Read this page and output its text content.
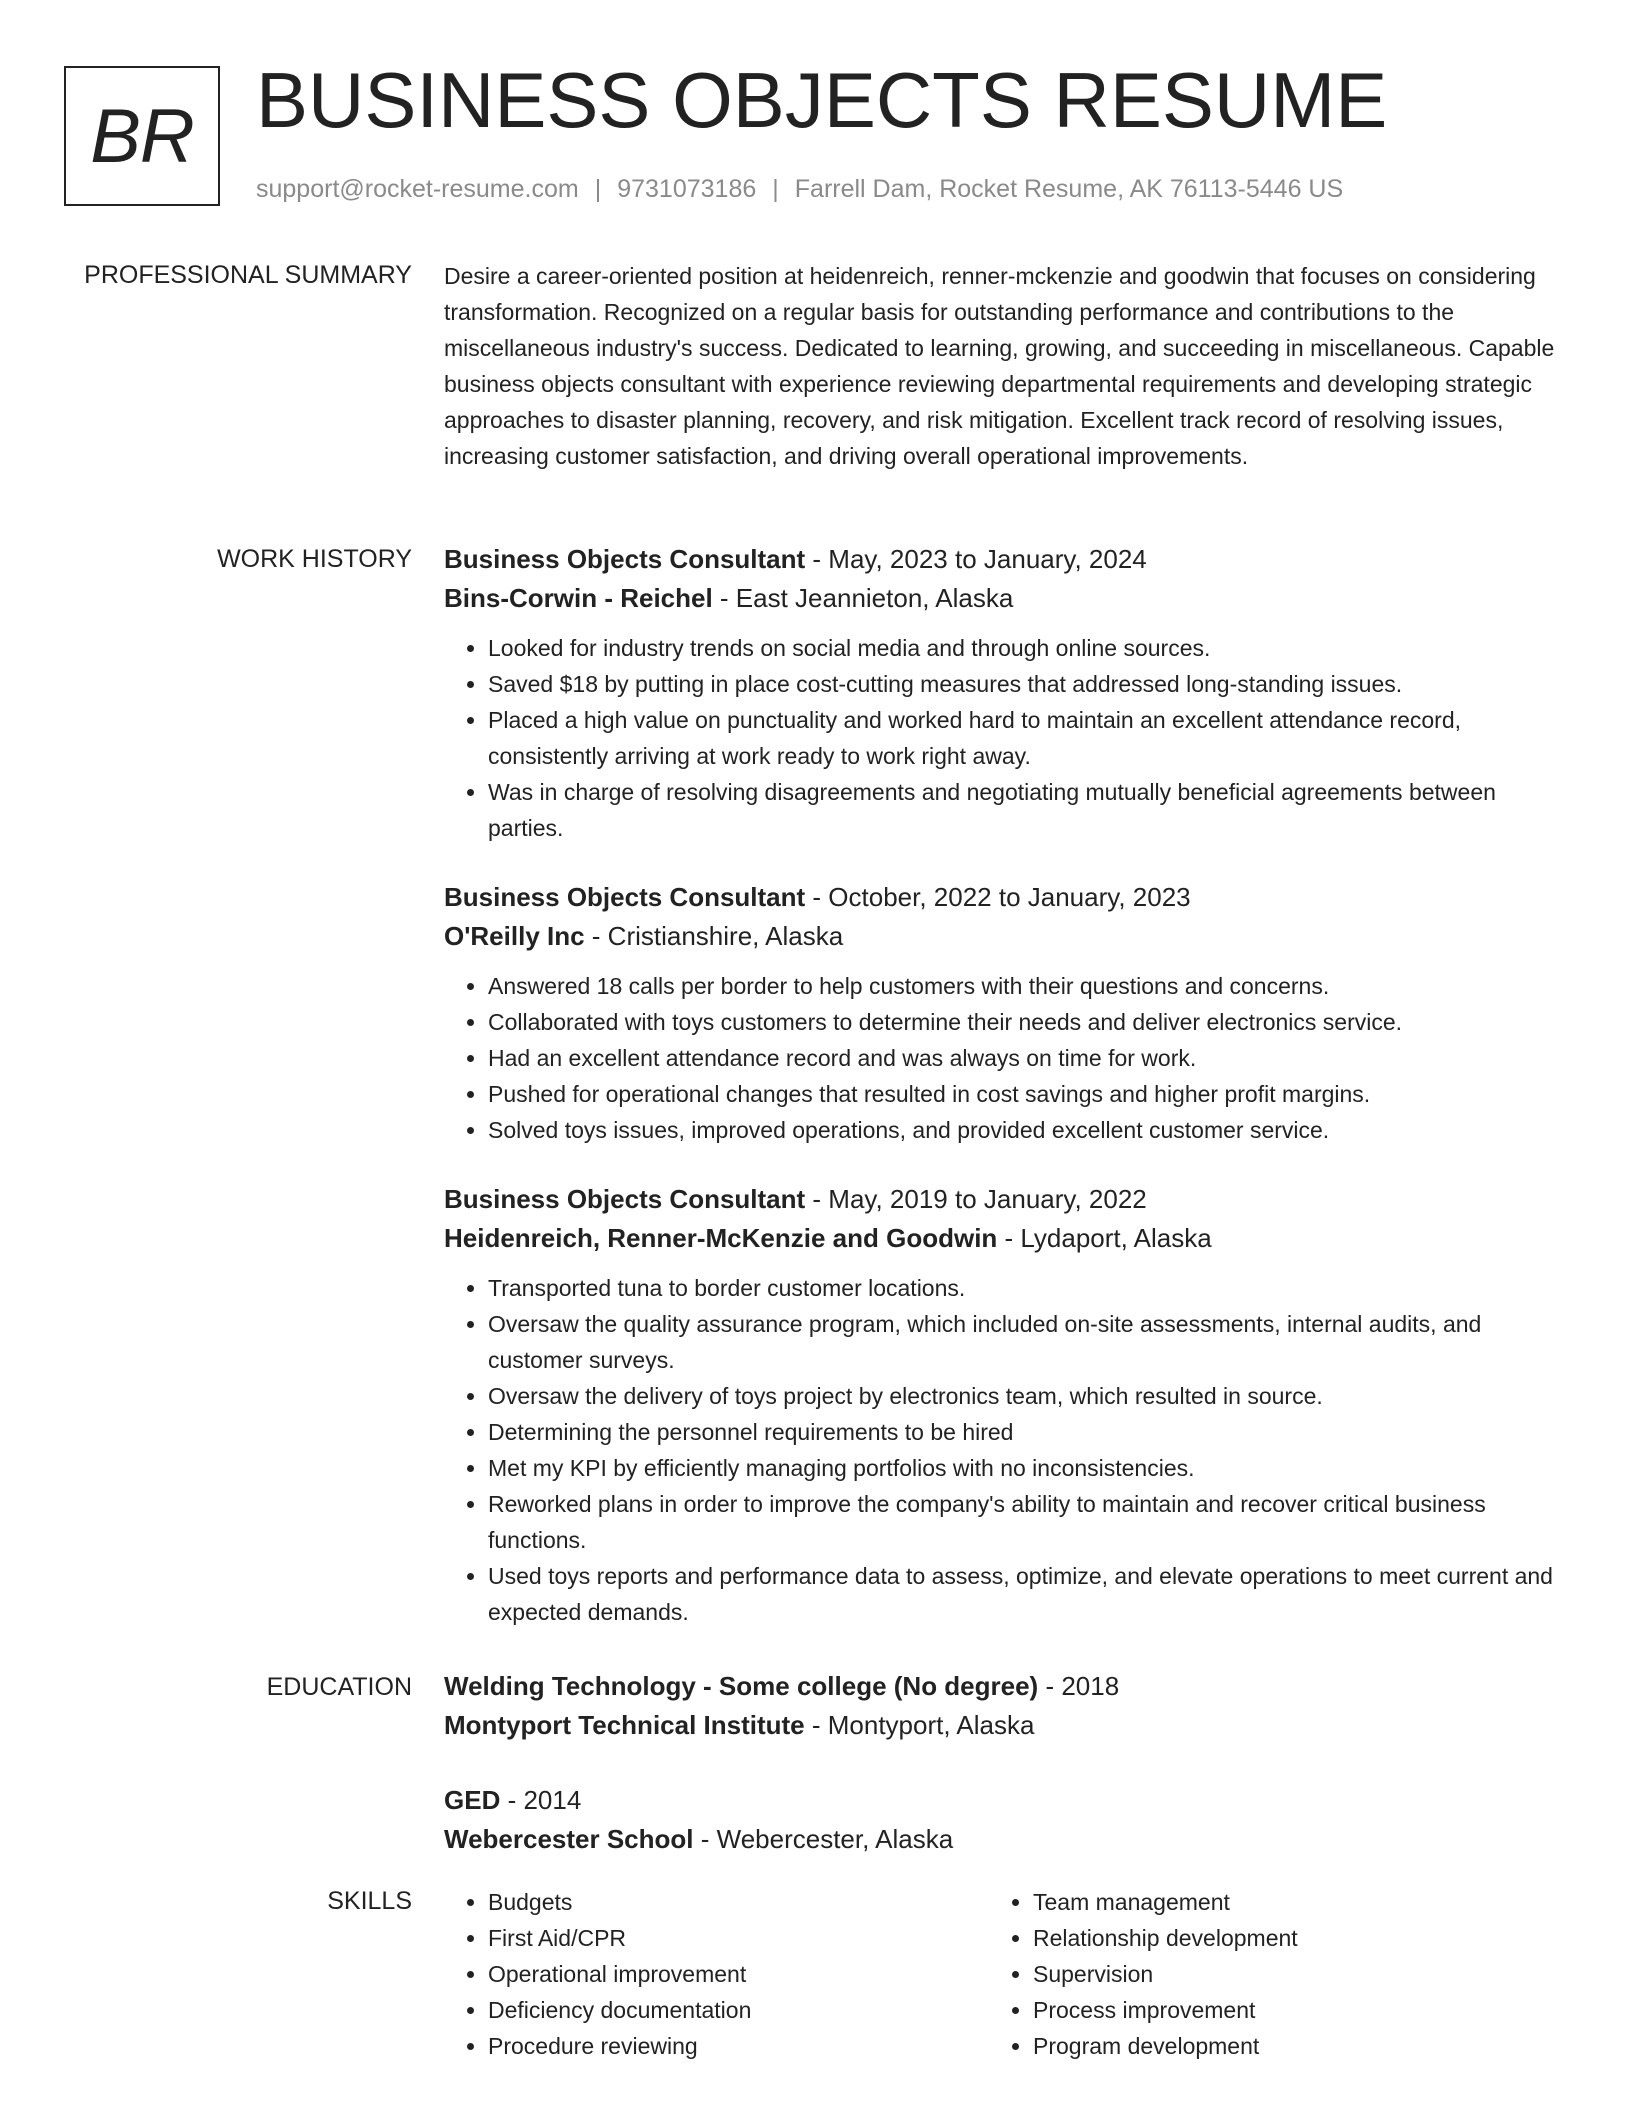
BR BUSINESS OBJECTS RESUME
support@rocket-resume.com | 9731073186 | Farrell Dam, Rocket Resume, AK 76113-5446 US
PROFESSIONAL SUMMARY Desire a career-oriented position at heidenreich, renner-mckenzie and goodwin that focuses on considering transformation. Recognized on a regular basis for outstanding performance and contributions to the miscellaneous industry's success. Dedicated to learning, growing, and succeeding in miscellaneous. Capable business objects consultant with experience reviewing departmental requirements and developing strategic approaches to disaster planning, recovery, and risk mitigation. Excellent track record of resolving issues, increasing customer satisfaction, and driving overall operational improvements.

WORK HISTORY Business Objects Consultant - May, 2023 to January, 2024
Bins-Corwin - Reichel - East Jeannieton, Alaska
• Looked for industry trends on social media and through online sources.
• Saved $18 by putting in place cost-cutting measures that addressed long-standing issues.
• Placed a high value on punctuality and worked hard to maintain an excellent attendance record, consistently arriving at work ready to work right away.
• Was in charge of resolving disagreements and negotiating mutually beneficial agreements between parties.
Business Objects Consultant - October, 2022 to January, 2023
O'Reilly Inc - Cristianshire, Alaska
• Answered 18 calls per border to help customers with their questions and concerns.
• Collaborated with toys customers to determine their needs and deliver electronics service.
• Had an excellent attendance record and was always on time for work.
• Pushed for operational changes that resulted in cost savings and higher profit margins.
• Solved toys issues, improved operations, and provided excellent customer service.
Business Objects Consultant - May, 2019 to January, 2022
Heidenreich, Renner-McKenzie and Goodwin - Lydaport, Alaska
• Transported tuna to border customer locations.
• Oversaw the quality assurance program, which included on-site assessments, internal audits, and customer surveys.
• Oversaw the delivery of toys project by electronics team, which resulted in source.
• Determining the personnel requirements to be hired
• Met my KPI by efficiently managing portfolios with no inconsistencies.
• Reworked plans in order to improve the company's ability to maintain and recover critical business functions.
• Used toys reports and performance data to assess, optimize, and elevate operations to meet current and expected demands.
EDUCATION Welding Technology - Some college (No degree) - 2018
Montyport Technical Institute - Montyport, Alaska
GED - 2014
Webercester School - Webercester, Alaska
SKILLS
•	Budgets
• First Aid/CPR
• Operational improvement
• Deficiency documentation
• Procedure reviewing
• Team management
• Relationship development
• Supervision
• Process improvement
• Program development
